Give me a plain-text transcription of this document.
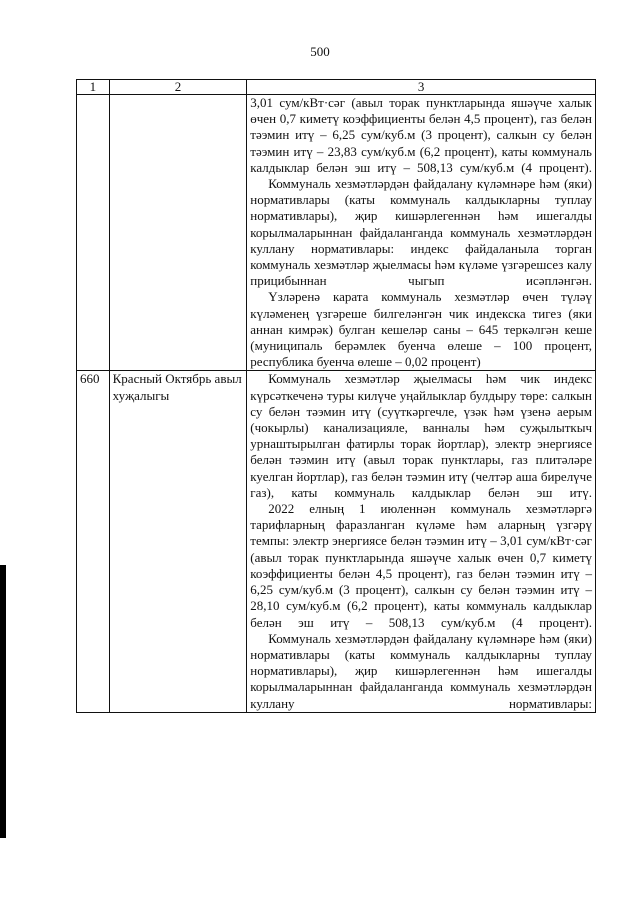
500
1	2	3

		3,01 сум/кВт·сәг (авыл торак пунктларында яшәүче халык өчен 0,7 киметү коэффициенты белән 4,5 процент), газ белән тәэмин итү – 6,25 сум/куб.м (3 процент), салкын су белән тәэмин итү – 23,83 сум/куб.м (6,2 процент), каты коммуналь калдыклар белән эш итү – 508,13 сум/куб.м (4 процент).

Коммуналь хезмәтләрдән файдалану күләмнәре һәм (яки) нормативлары (каты коммуналь калдыкларны туплау нормативлары), җир кишәрлегеннән һәм ишегалды корылмаларыннан файдаланганда коммуналь хезмәтләрдән куллану нормативлары: индекс файдаланыла торган коммуналь хезмәтләр җыелмасы һәм күләме үзгәрешсез калу прицибыннан чыгып исәпләнгән.

Үзләренә карата коммуналь хезмәтләр өчен түләү күләменең үзгәреше билгеләнгән чик индекска тигез (яки аннан кимрәк) булган кешеләр саны – 645 теркәлгән кеше (муниципаль берәмлек буенча өлеше – 100 процент, республика буенча өлеше – 0,02 процент)

660	Красный Октябрь авыл хуҗалыгы	Коммуналь хезмәтләр җыелмасы һәм чик индекс күрсәткеченә туры килүче уңайлыклар булдыру төре: салкын су белән тәэмин итү (суүткәргечле, үзәк һәм үзенә аерым (чокырлы) канализацияле, ванналы һәм суҗылыткыч урнаштырылган фатирлы торак йортлар), электр энергиясе белән тәэмин итү (авыл торак пунктлары, газ плитәләре куелган йортлар), газ белән тәэмин итү (челтәр аша бирелүче газ), каты коммуналь калдыклар белән эш итү.

2022 елның 1 июленнән коммуналь хезмәтләргә тарифларның фаразланган күләме һәм аларның үзгәрү темпы: электр энергиясе белән тәэмин итү – 3,01 сум/кВт·сәг (авыл торак пунктларында яшәүче халык өчен 0,7 киметү коэффициенты белән 4,5 процент), газ белән тәэмин итү – 6,25 сум/куб.м (3 процент), салкын су белән тәэмин итү – 28,10 сум/куб.м (6,2 процент), каты коммуналь калдыклар белән эш итү – 508,13 сум/куб.м (4 процент).

Коммуналь хезмәтләрдән файдалану күләмнәре һәм (яки) нормативлары (каты коммуналь калдыкларны туплау нормативлары), җир кишәрлегеннән һәм ишегалды корылмаларыннан файдаланганда коммуналь хезмәтләрдән куллану нормативлары:
